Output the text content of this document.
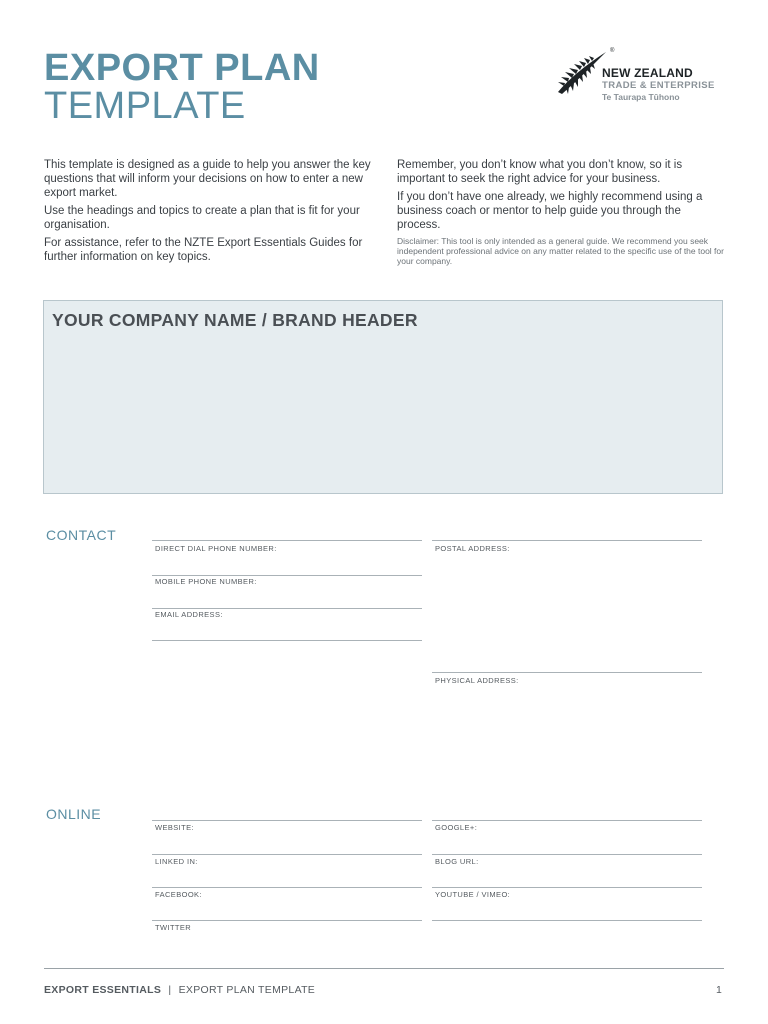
EXPORT PLAN
TEMPLATE
®
NEW ZEALAND
TRADE & ENTERPRISE
Te Taurapa Tūhono

This template is designed as a guide to help you answer the key questions that will inform your decisions on how to enter a new export market.

Use the headings and topics to create a plan that is fit for your organisation.

For assistance, refer to the NZTE Export Essentials Guides for further information on key topics.

Remember, you don’t know what you don’t know, so it is important to seek the right advice for your business.

If you don’t have one already, we highly recommend using a business coach or mentor to help guide you through the process.

Disclaimer: This tool is only intended as a general guide. We recommend you seek independent professional advice on any matter related to the specific use of the tool for your company.

YOUR COMPANY NAME / BRAND HEADER
CONTACT
DIRECT DIAL PHONE NUMBER:
MOBILE PHONE NUMBER:
EMAIL ADDRESS:
POSTAL ADDRESS:
PHYSICAL ADDRESS:
ONLINE
WEBSITE:
LINKED IN:
FACEBOOK:
TWITTER
GOOGLE+:
BLOG URL:
YOUTUBE / VIMEO:
EXPORT ESSENTIALS | EXPORT PLAN TEMPLATE	1
